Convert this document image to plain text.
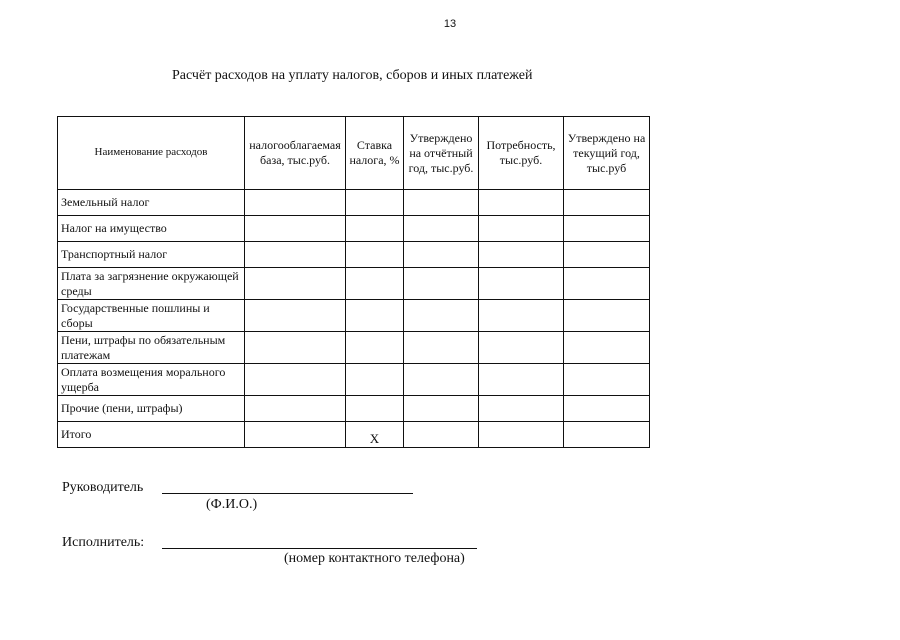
13
Расчёт расходов на уплату налогов, сборов и иных платежей
Наименование расходов	налогооблагаемая база, тыс.руб.	Ставка налога, %	Утверждено на отчётный год, тыс.руб.	Потребность, тыс.руб.	Утверждено на текущий год, тыс.руб
Земельный налог					
Налог на имущество					
Транспортный налог					
Плата за загрязнение окружающей среды					
Государственные пошлины и сборы					
Пени, штрафы по обязательным платежам					
Оплата возмещения морального ущерба					
Прочие (пени, штрафы)					
Итого		X			
Руководитель
(Ф.И.О.)
Исполнитель:
(номер контактного телефона)
